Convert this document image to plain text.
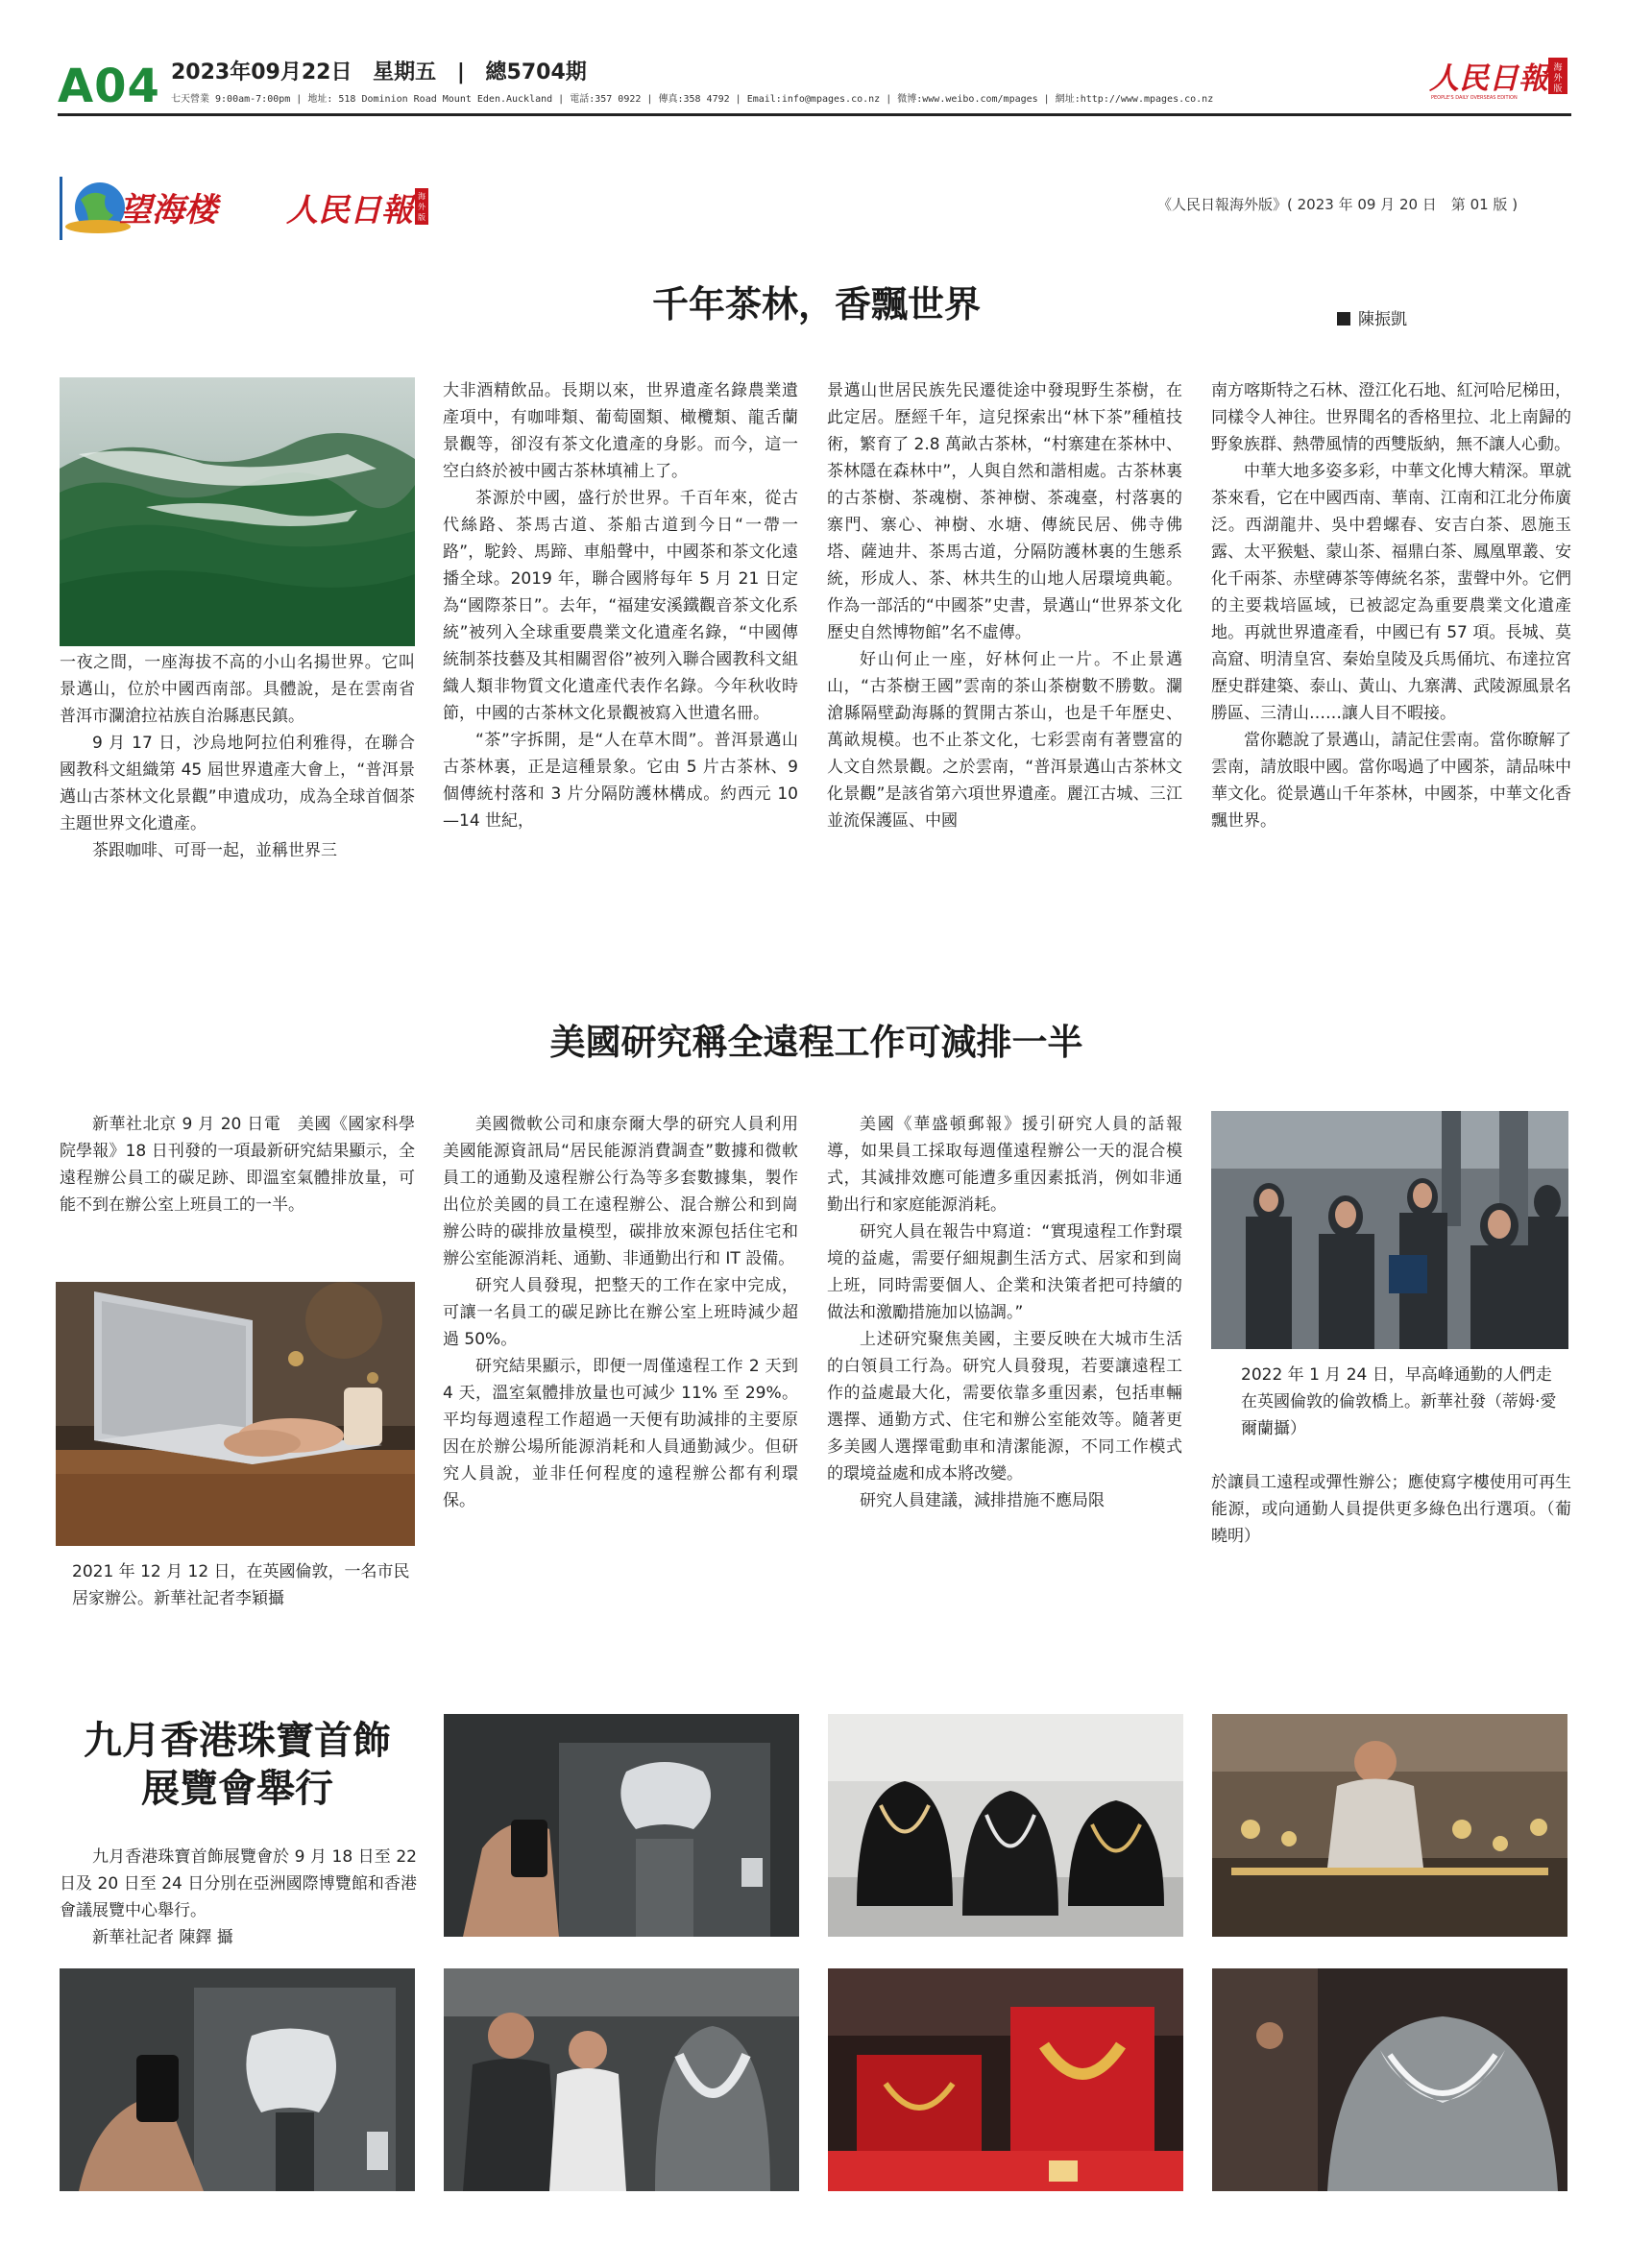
A04 2023年09月22日 星期五 | 總5704期
七天營業 9:00am-7:00pm | 地址: 518 Dominion Road Mount Eden.Auckland | 電話:357 0922 | 傳真:358 4792 | Email:info@mpages.co.nz | 微博:www.weibo.com/mpages | 網址:http://www.mpages.co.nz
人民日報 海
外
版
PEOPLE'S DAILY OVERSEAS EDITION
望海楼 人民日報 海
外
版
《人民日報海外版》( 2023 年 09 月 20 日　第 01 版 )
千年茶林，香飄世界	陳振凱

一夜之間，一座海拔不高的小山名揚世界。它叫景邁山，位於中國西南部。具體說，是在雲南省普洱市瀾滄拉祜族自治縣惠民鎮。

9 月 17 日，沙烏地阿拉伯利雅得，在聯合國教科文組織第 45 屆世界遺產大會上，“普洱景邁山古茶林文化景觀”申遺成功，成為全球首個茶主題世界文化遺產。

茶跟咖啡、可哥一起，並稱世界三

大非酒精飲品。長期以來，世界遺產名錄農業遺產項中，有咖啡類、葡萄園類、橄欖類、龍舌蘭景觀等，卻沒有茶文化遺產的身影。而今，這一空白終於被中國古茶林填補上了。

茶源於中國，盛行於世界。千百年來，從古代絲路、茶馬古道、茶船古道到今日“一帶一路”，駝鈴、馬蹄、車船聲中，中國茶和茶文化遠播全球。2019 年，聯合國將每年 5 月 21 日定為“國際茶日”。去年，“福建安溪鐵觀音茶文化系統”被列入全球重要農業文化遺產名錄，“中國傳統制茶技藝及其相關習俗”被列入聯合國教科文組織人類非物質文化遺產代表作名錄。今年秋收時節，中國的古茶林文化景觀被寫入世遺名冊。

“茶”字拆開，是“人在草木間”。普洱景邁山古茶林裏，正是這種景象。它由 5 片古茶林、9 個傳統村落和 3 片分隔防護林構成。約西元 10—14 世紀，

景邁山世居民族先民遷徙途中發現野生茶樹，在此定居。歷經千年，這兒探索出“林下茶”種植技術，繁育了 2.8 萬畝古茶林，“村寨建在茶林中、茶林隱在森林中”，人與自然和諧相處。古茶林裏的古茶樹、茶魂樹、茶神樹、茶魂臺，村落裏的寨門、寨心、神樹、水塘、傳統民居、佛寺佛塔、薩迪井、茶馬古道，分隔防護林裏的生態系統，形成人、茶、林共生的山地人居環境典範。作為一部活的“中國茶”史書，景邁山“世界茶文化歷史自然博物館”名不虛傳。

好山何止一座，好林何止一片。不止景邁山，“古茶樹王國”雲南的茶山茶樹數不勝數。瀾滄縣隔壁勐海縣的賀開古茶山，也是千年歷史、萬畝規模。也不止茶文化，七彩雲南有著豐富的人文自然景觀。之於雲南，“普洱景邁山古茶林文化景觀”是該省第六項世界遺產。麗江古城、三江並流保護區、中國

南方喀斯特之石林、澄江化石地、紅河哈尼梯田，同樣令人神往。世界聞名的香格里拉、北上南歸的野象族群、熱帶風情的西雙版納，無不讓人心動。

中華大地多姿多彩，中華文化博大精深。單就茶來看，它在中國西南、華南、江南和江北分佈廣泛。西湖龍井、吳中碧螺春、安吉白茶、恩施玉露、太平猴魁、蒙山茶、福鼎白茶、鳳凰單叢、安化千兩茶、赤壁磚茶等傳統名茶，蜚聲中外。它們的主要栽培區域，已被認定為重要農業文化遺產地。再就世界遺產看，中國已有 57 項。長城、莫高窟、明清皇宮、秦始皇陵及兵馬俑坑、布達拉宮歷史群建築、泰山、黃山、九寨溝、武陵源風景名勝區、三清山……讓人目不暇接。

當你聽說了景邁山，請記住雲南。當你瞭解了雲南，請放眼中國。當你喝過了中國茶，請品味中華文化。從景邁山千年茶林，中國茶，中華文化香飄世界。

美國研究稱全遠程工作可減排一半

新華社北京 9 月 20 日電　美國《國家科學院學報》18 日刊發的一項最新研究結果顯示，全遠程辦公員工的碳足跡、即溫室氣體排放量，可能不到在辦公室上班員工的一半。

2021 年 12 月 12 日，在英國倫敦，一名市民居家辦公。新華社記者李穎攝

美國微軟公司和康奈爾大學的研究人員利用美國能源資訊局“居民能源消費調查”數據和微軟員工的通勤及遠程辦公行為等多套數據集，製作出位於美國的員工在遠程辦公、混合辦公和到崗辦公時的碳排放量模型，碳排放來源包括住宅和辦公室能源消耗、通勤、非通勤出行和 IT 設備。

研究人員發現，把整天的工作在家中完成，可讓一名員工的碳足跡比在辦公室上班時減少超過 50%。

研究結果顯示，即便一周僅遠程工作 2 天到 4 天，溫室氣體排放量也可減少 11% 至 29%。平均每週遠程工作超過一天便有助減排的主要原因在於辦公場所能源消耗和人員通勤減少。但研究人員說，並非任何程度的遠程辦公都有利環保。

美國《華盛頓郵報》援引研究人員的話報導，如果員工採取每週僅遠程辦公一天的混合模式，其減排效應可能遭多重因素抵消，例如非通勤出行和家庭能源消耗。

研究人員在報告中寫道：“實現遠程工作對環境的益處，需要仔細規劃生活方式、居家和到崗上班，同時需要個人、企業和決策者把可持續的做法和激勵措施加以協調。”

上述研究聚焦美國，主要反映在大城市生活的白領員工行為。研究人員發現，若要讓遠程工作的益處最大化，需要依靠多重因素，包括車輛選擇、通勤方式、住宅和辦公室能效等。隨著更多美國人選擇電動車和清潔能源，不同工作模式的環境益處和成本將改變。

研究人員建議，減排措施不應局限

2022 年 1 月 24 日，早高峰通勤的人們走在英國倫敦的倫敦橋上。新華社發（蒂姆·愛爾蘭攝）

於讓員工遠程或彈性辦公；應使寫字樓使用可再生能源，或向通勤人員提供更多綠色出行選項。（葡曉明）

九月香港珠寶首飾
展覽會舉行

九月香港珠寶首飾展覽會於 9 月 18 日至 22 日及 20 日至 24 日分別在亞洲國際博覽館和香港會議展覽中心舉行。

新華社記者 陳鐸 攝
